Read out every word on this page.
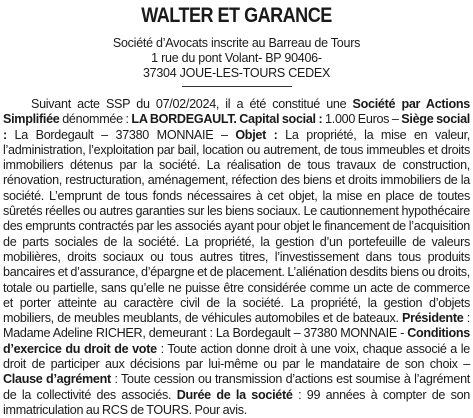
WALTER ET GARANCE
Société d’Avocats inscrite au Barreau de Tours
1 rue du pont Volant- BP 90406-
37304 JOUE-LES-TOURS CEDEX

Suivant acte SSP du 07/02/2024, il a été constitué une Société par Actions Simplifiée dénommée : LA BORDEGAULT. Capital social : 1.000 Euros – Siège social : La Bordegault – 37380 MONNAIE – Objet : La propriété, la mise en valeur, l’administration, l’exploitation par bail, location ou autrement, de tous immeubles et droits immobiliers détenus par la société. La réalisation de tous travaux de construction, rénovation, restructuration, aménagement, réfection des biens et droits immobiliers de la société. L’emprunt de tous fonds nécessaires à cet objet, la mise en place de toutes sûretés réelles ou autres garanties sur les biens sociaux. Le cautionnement hypothécaire des emprunts contractés par les associés ayant pour objet le financement de l’acquisition de parts sociales de la société. La propriété, la gestion d’un portefeuille de valeurs mobilières, droits sociaux ou tous autres titres, l’investissement dans tous produits bancaires et d’assurance, d’épargne et de placement. L’aliénation desdits biens ou droits, totale ou partielle, sans qu’elle ne puisse être considérée comme un acte de commerce et porter atteinte au caractère civil de la société. La propriété, la gestion d’objets mobiliers, de meubles meublants, de véhicules automobiles et de bateaux. Présidente : Madame Adeline RICHER, demeurant : La Bordegault – 37380 MONNAIE - Conditions d’exercice du droit de vote : Toute action donne droit à une voix, chaque associé a le droit de participer aux décisions par lui-même ou par le mandataire de son choix – Clause d’agrément : Toute cession ou transmission d’actions est soumise à l’agrément de la collectivité des associés. Durée de la société : 99 années à compter de son immatriculation au RCS de TOURS. Pour avis.
